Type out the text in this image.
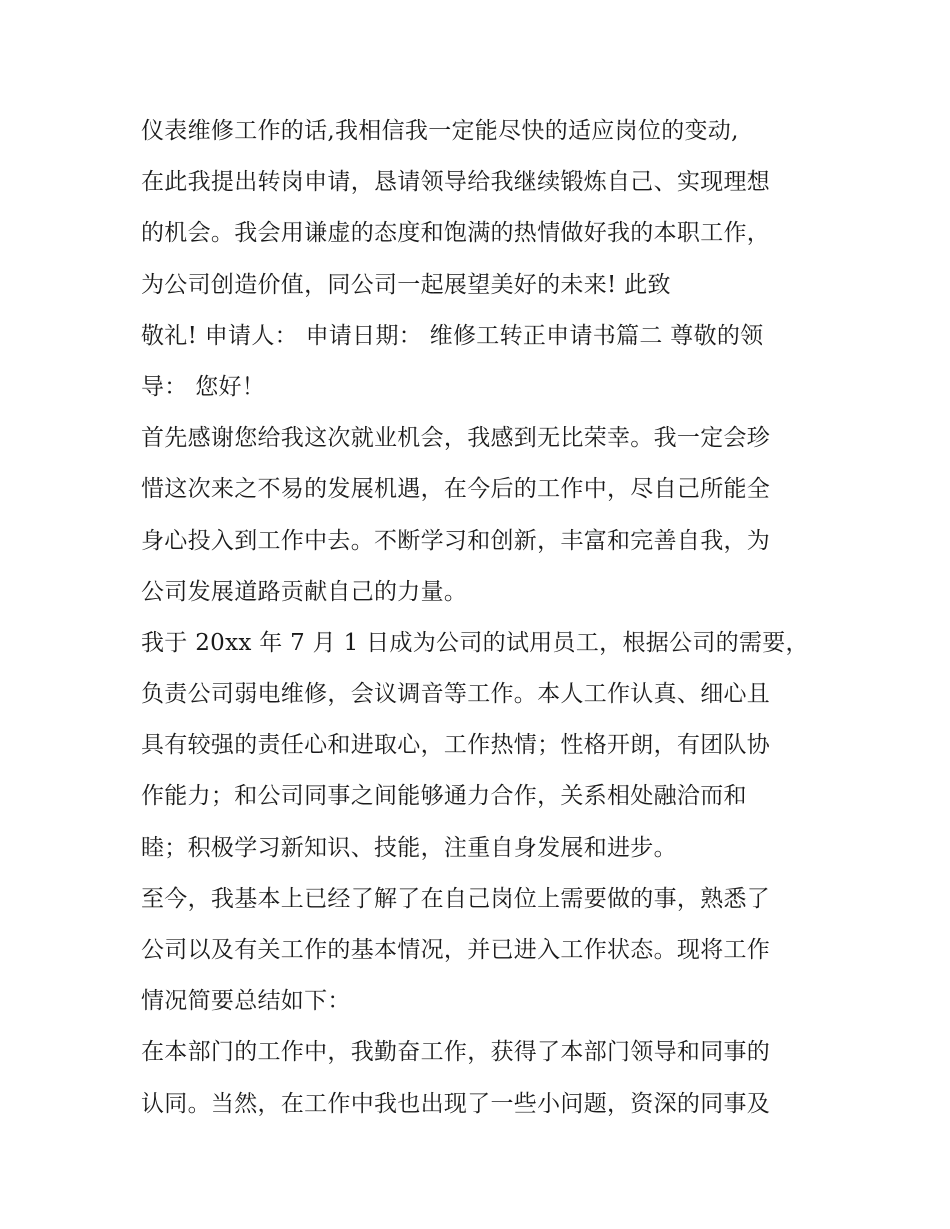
仪表维修工作的话,我相信我一定能尽快的适应岗位的变动,
在此我提出转岗申请，恳请领导给我继续锻炼自己、实现理想
的机会。我会用谦虚的态度和饱满的热情做好我的本职工作，
为公司创造价值，同公司一起展望美好的未来! 此致
敬礼! 申请人： 申请日期： 维修工转正申请书篇二 尊敬的领
导： 您好！
首先感谢您给我这次就业机会，我感到无比荣幸。我一定会珍
惜这次来之不易的发展机遇，在今后的工作中，尽自己所能全
身心投入到工作中去。不断学习和创新，丰富和完善自我，为
公司发展道路贡献自己的力量。
我于 20xx 年 7 月 1 日成为公司的试用员工，根据公司的需要，
负责公司弱电维修，会议调音等工作。本人工作认真、细心且
具有较强的责任心和进取心，工作热情；性格开朗，有团队协
作能力；和公司同事之间能够通力合作，关系相处融洽而和
睦；积极学习新知识、技能，注重自身发展和进步。
至今，我基本上已经了解了在自己岗位上需要做的事，熟悉了
公司以及有关工作的基本情况，并已进入工作状态。现将工作
情况简要总结如下：
在本部门的工作中，我勤奋工作，获得了本部门领导和同事的
认同。当然，在工作中我也出现了一些小问题，资深的同事及
